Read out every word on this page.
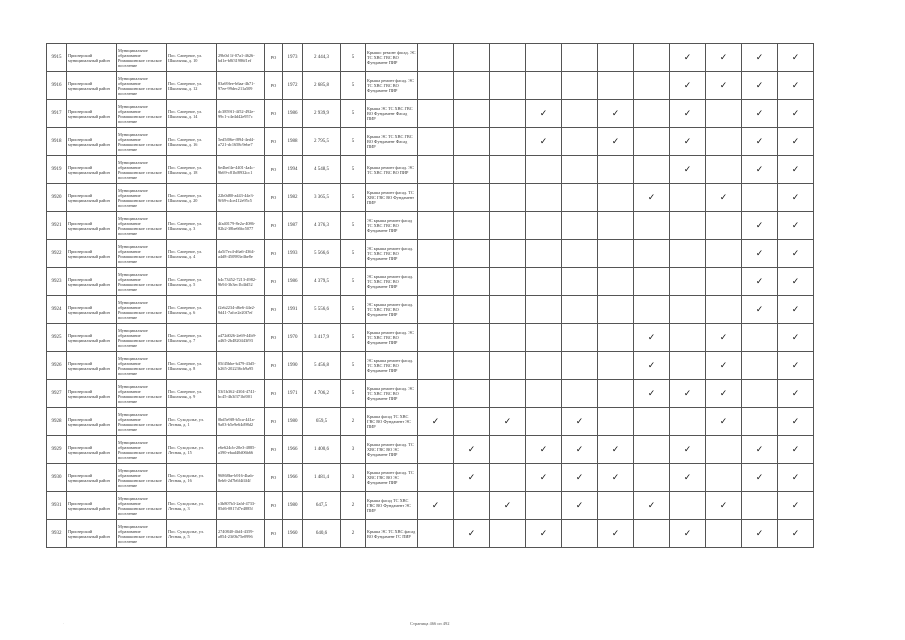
·
9915	Приозерский муниципальный район	Муниципальное образование Ромашкинское сельское поселение	Пос. Саперное, ул. Школьная, д. 10	29b0d 1f-07a1-4626-bd1e-b8f31986f1ef	РО	1973	2 444,3	5	Крыши: ремонт фасад. ЭС ТС ХВС ГВС ВО Фундамент ПИР								✓	✓	✓	✓
9916	Приозерский муниципальный район	Муниципальное образование Ромашкинское сельское поселение	Пос. Саперное, ул. Школьная, д. 12	83a69fee-b6aa-4b71-97ee-99dec211a509	РО	1972	2 685,8	5	Крыша ремонт фасад. ЭС ТС ХВС ГВС ВО Фундамент ПИР								✓	✓	✓	✓
9917	Приозерский муниципальный район	Муниципальное образование Ромашкинское сельское поселение	Пос. Саперное, ул. Школьная, д. 14	dc3859f1-4f52-492e-99c1-c4e4d42e957c	РО	1986	2 939,9	5	Крыша ЭС ТС ХВС ГВС ВО Фундамент Фасад ПИР				✓		✓		✓		✓	✓
9918	Приозерский муниципальный район	Муниципальное образование Ромашкинское сельское поселение	Пос. Саперное, ул. Школьная, д. 16	5ed5f06e-f894-4ed4-a721-dc1658c9ebe7	РО	1988	2 795,5	5	Крыша ЭС ТС ХВС ГВС ВО Фундамент Фасад ПИР				✓		✓		✓		✓	✓
9919	Приозерский муниципальный район	Муниципальное образование Ромашкинское сельское поселение	Пос. Саперное, ул. Школьная, д. 18	6e4bef4e-4401-4a4c-9b69-c81bf8932cc1	РО	1994	4 548,5	5	Крыша ремонт фасад. ЭС ТС ХВС ГВС ВО ПИР								✓		✓	✓
9920	Приозерский муниципальный район	Муниципальное образование Ромашкинское сельское поселение	Пос. Саперное, ул. Школьная, д. 20	22b0d80-a443-44e3-9f69-c4ce412e95c5	РО	1982	3 365,5	5	Крыша ремонт фасад. ТС ХВС ГВС ВО Фундамент ПИР							✓		✓		✓
9921	Приозерский муниципальный район	Муниципальное образование Ромашкинское сельское поселение	Пос. Саперное, ул. Школьная, д. 3	4fa40179-8e2a-4086-82b2-38be66bc5077	РО	1987	4 376,3	5	ЭС крыша ремонт фасад ТС ХВС ГВС ВО Фундамент ПИР										✓	✓
9922	Приозерский муниципальный район	Муниципальное образование Ромашкинское сельское поселение	Пос. Саперное, ул. Школьная, д. 4	da5f7ec4-d6a6-4364-a4d8-450983e4be8e	РО	1993	5 566,6	5	ЭС крыша ремонт фасад. ТС ХВС ГВС ВО Фундамент ПИР										✓	✓
9923	Приозерский муниципальный район	Муниципальное образование Ромашкинское сельское поселение	Пос. Саперное, ул. Школьная, д. 5	b4c73452-7213-4982-9b94-3b3ec1b4fd52	РО	1986	4 379,5	5	ЭС крыша ремонт фасад. ТС ХВС ГВС ВО Фундамент ПИР										✓	✓
9924	Приозерский муниципальный район	Муниципальное образование Ромашкинское сельское поселение	Пос. Саперное, ул. Школьная, д. 6	f2eb2234-d6e6-44e2-9d41-7afce2e20f7ef	РО	1991	5 556,6	5	ЭС крыша ремонт фасад. ТС ХВС ГВС ВО Фундамент ПИР										✓	✓
9925	Приозерский муниципальный район	Муниципальное образование Ромашкинское сельское поселение	Пос. Саперное, ул. Школьная, д. 7	a472d026-2e69-44b9-a465-2b4820443f93	РО	1970	3 417,9	5	Крыша ремонт фасад. ЭС ТС ХВС ГВС ВО Фундамент ПИР							✓		✓		✓
9926	Приозерский муниципальный район	Муниципальное образование Ромашкинское сельское поселение	Пос. Саперное, ул. Школьная, д. 8	05f45bbe-b479-43d5-b265-202236cb9a95	РО	1990	5 456,8	5	ЭС крыша ремонт фасад. ТС ХВС ГВС ВО Фундамент ПИР							✓		✓		✓
9927	Приозерский муниципальный район	Муниципальное образование Ромашкинское сельское поселение	Пос. Саперное, ул. Школьная, д. 9	53f1b362-4304-4741-bc45-4b3f371bf001	РО	1971	4 706,2	5	Крыша ремонт фасад. ЭС ТС ХВС ГВС ВО Фундамент ПИР							✓	✓	✓		✓
9928	Приозерский муниципальный район	Муниципальное образование Ромашкинское сельское поселение	Пос. Суходолье, ул. Лесная, д. 1	0bd5e9f8-b5ca-441a-9a03-b5e9e64d98d2	РО	1980	659,5	2	Крыша фасад ТС ХВС ГВС ВО Фундамент ЭС ПИР	✓		✓		✓				✓		✓
9929	Приозерский муниципальный район	Муниципальное образование Ромашкинское сельское поселение	Пос. Суходолье, ул. Лесная, д. 15	e6e624cb-20e3-4885-a390-ebad40d06b66	РО	1966	1 400,6	3	Крыша ремонт фасад. ТС ХВС ГВС ВО ЭС Фундамент ПИР		✓		✓	✓	✓		✓		✓	✓
9930	Приозерский муниципальный район	Муниципальное образование Ромашкинское сельское поселение	Пос. Суходолье, ул. Лесная, д. 16	96868be-b916-4bab-8eb6-2d7b6f4f4f4f	РО	1966	1 481,4	3	Крыша ремонт фасад. ТС ХВС ГВС ВО ЭС Фундамент ПИР		✓		✓	✓	✓		✓		✓	✓
9931	Приозерский муниципальный район	Муниципальное образование Ромашкинское сельское поселение	Пос. Суходолье, ул. Лесная, д. 3	c3b807b3-2afd-4733-85d6-0817d7e4885f	РО	1980	647,5	2	Крыша фасад ТС ХВС ГВС ВО Фундамент ЭС ПИР	✓		✓		✓		✓		✓		✓
9932	Приозерский муниципальный район	Муниципальное образование Ромашкинское сельское поселение	Пос. Суходолье, ул. Лесная, д. 5	2740840-4bf4-4359-a854-23f0b75e0996	РО	1960	640,6	2	Крыша ЭС ТС ХВС фасад ВО Фундамент ГС ПИР		✓		✓		✓		✓		✓	✓
Страница 466 из 492
